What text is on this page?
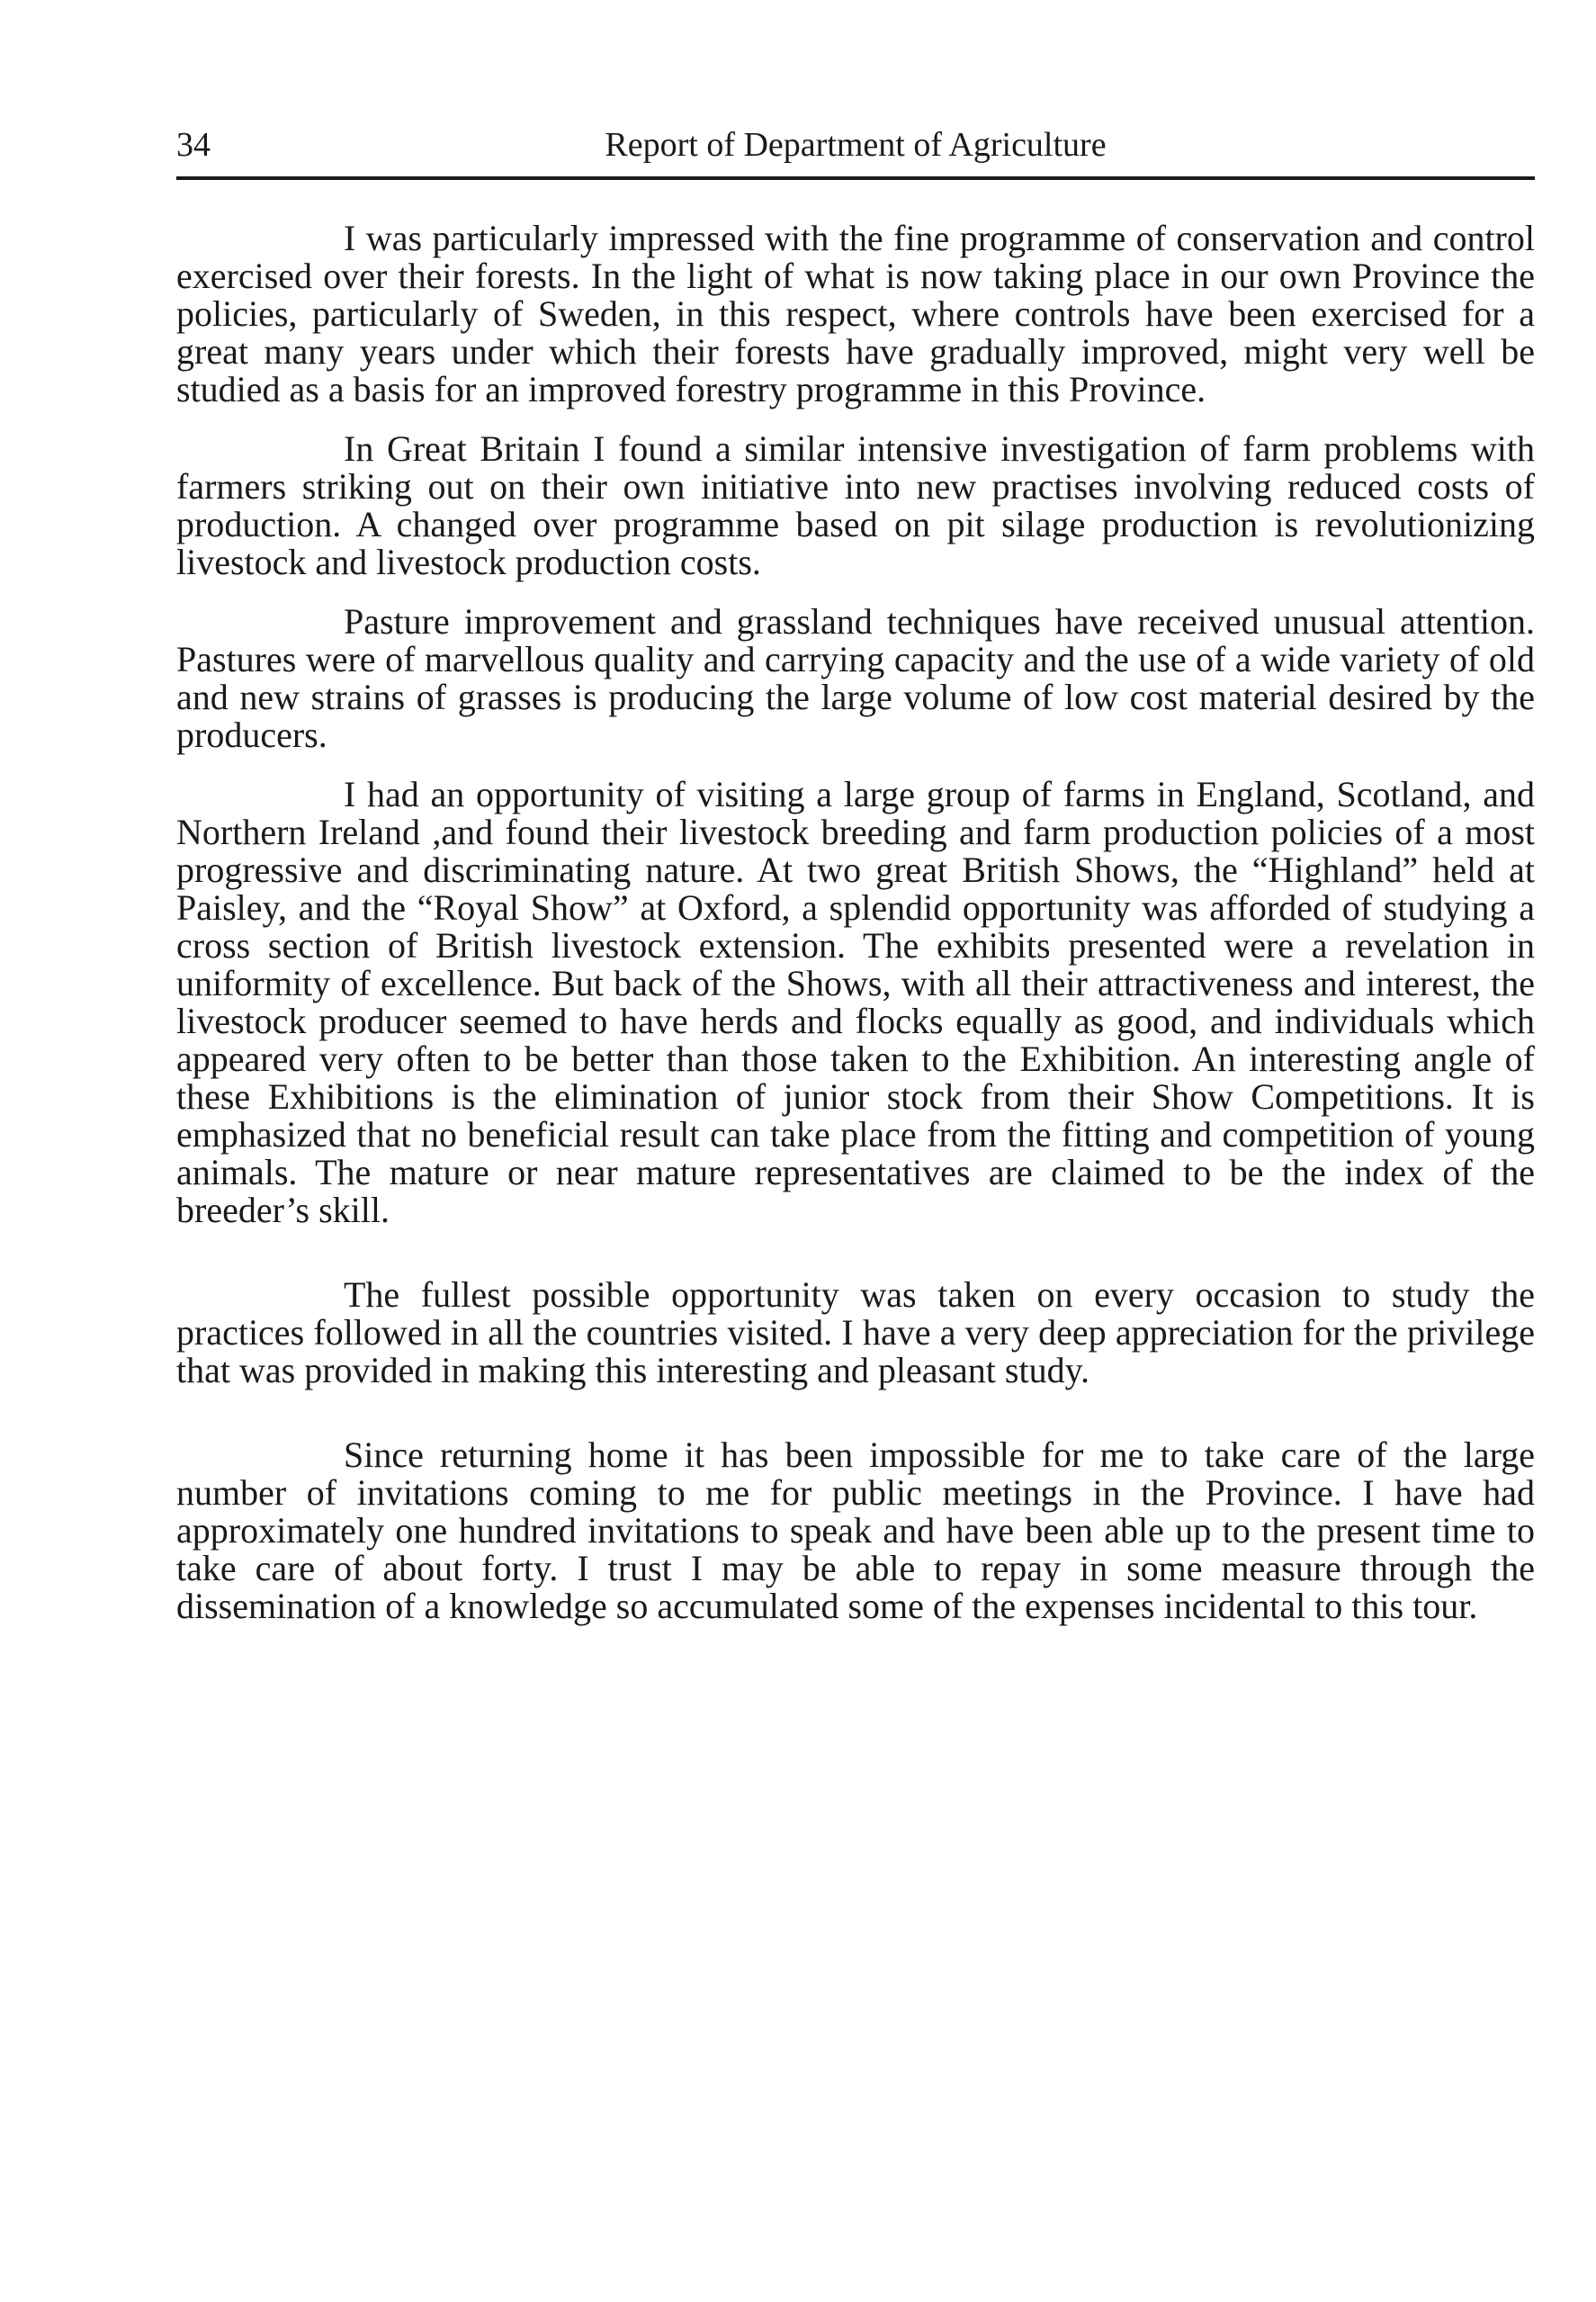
34	Report of Department of Agriculture

I was particularly impressed with the fine programme of conservation and control exercised over their forests. In the light of what is now taking place in our own Province the policies, particularly of Sweden, in this respect, where controls have been exercised for a great many years under which their forests have gradually improved, might very well be studied as a basis for an improved forestry programme in this Province.

In Great Britain I found a similar intensive investigation of farm problems with farmers striking out on their own initiative into new practises involving reduced costs of production. A changed over programme based on pit silage production is revolutionizing livestock and livestock production costs.

Pasture improvement and grassland techniques have received unusual attention. Pastures were of marvellous quality and carrying capacity and the use of a wide variety of old and new strains of grasses is producing the large volume of low cost material desired by the producers.

I had an opportunity of visiting a large group of farms in England, Scotland, and Northern Ireland ,and found their livestock breeding and farm production policies of a most progressive and discriminating nature. At two great British Shows, the “Highland” held at Paisley, and the “Royal Show” at Oxford, a splendid opportunity was afforded of studying a cross section of British livestock extension. The exhibits presented were a revelation in uniformity of excellence. But back of the Shows, with all their attractiveness and interest, the livestock producer seemed to have herds and flocks equally as good, and individuals which appeared very often to be better than those taken to the Exhibition. An interesting angle of these Exhibitions is the elimination of junior stock from their Show Competitions. It is emphasized that no beneficial result can take place from the fitting and competition of young animals. The mature or near mature representatives are claimed to be the index of the breeder’s skill.

The fullest possible opportunity was taken on every occasion to study the practices followed in all the countries visited. I have a very deep appreciation for the privilege that was provided in making this interesting and pleasant study.

Since returning home it has been impossible for me to take care of the large number of invitations coming to me for public meetings in the Province. I have had approximately one hundred invitations to speak and have been able up to the present time to take care of about forty. I trust I may be able to repay in some measure through the dissemination of a knowledge so accumulated some of the expenses incidental to this tour.
